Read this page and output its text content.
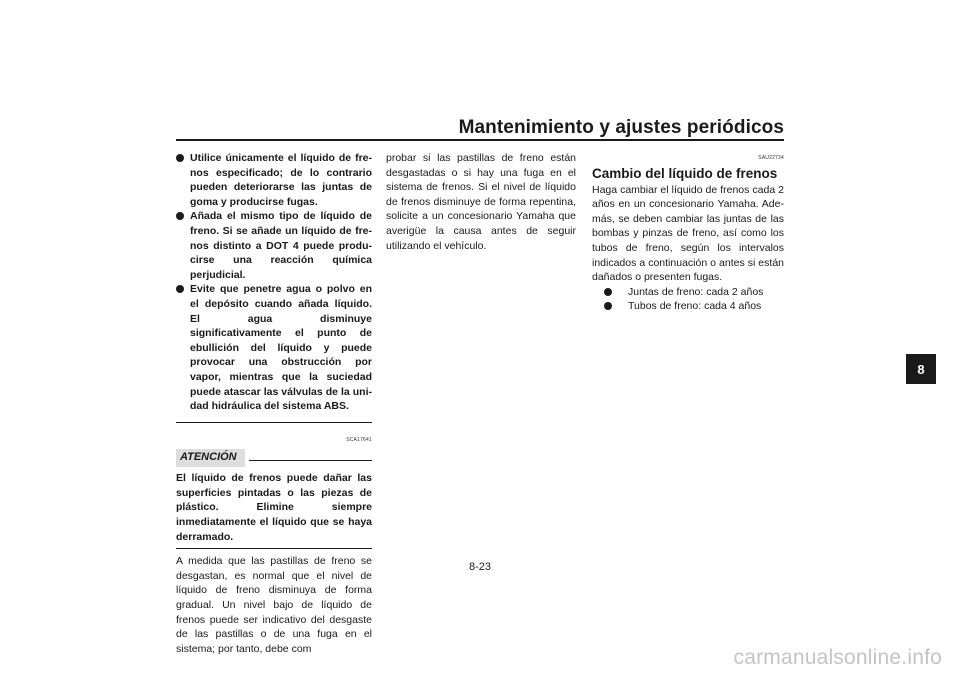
Mantenimiento y ajustes periódicos
Utilice únicamente el líquido de frenos especificado; de lo contrario pueden deteriorarse las juntas de goma y producirse fugas.
Añada el mismo tipo de líquido de freno. Si se añade un líquido de frenos distinto a DOT 4 puede producirse una reacción química perjudicial.
Evite que penetre agua o polvo en el depósito cuando añada líquido. El agua disminuye significativamente el punto de ebullición del líquido y puede provocar una obstrucción por vapor, mientras que la suciedad puede atascar las válvulas de la unidad hidráulica del sistema ABS.
SCA17641
ATENCIÓN
El líquido de frenos puede dañar las superficies pintadas o las piezas de plástico. Elimine siempre inmediatamente el líquido que se haya derramado.
A medida que las pastillas de freno se desgastan, es normal que el nivel de líquido de freno disminuya de forma gradual. Un nivel bajo de líquido de frenos puede ser indicativo del desgaste de las pastillas o de una fuga en el sistema; por tanto, debe com
probar si las pastillas de freno están desgastadas o si hay una fuga en el sistema de frenos. Si el nivel de líquido de frenos disminuye de forma repentina, solicite a un concesionario Yamaha que averigüe la causa antes de seguir utilizando el vehículo.
SAU22734
Cambio del líquido de frenos
Haga cambiar el líquido de frenos cada 2 años en un concesionario Yamaha. Además, se deben cambiar las juntas de las bombas y pinzas de freno, así como los tubos de freno, según los intervalos indicados a continuación o antes si están dañados o presenten fugas.
Juntas de freno: cada 2 años
Tubos de freno: cada 4 años
8
8-23
carmanualsonline.info
